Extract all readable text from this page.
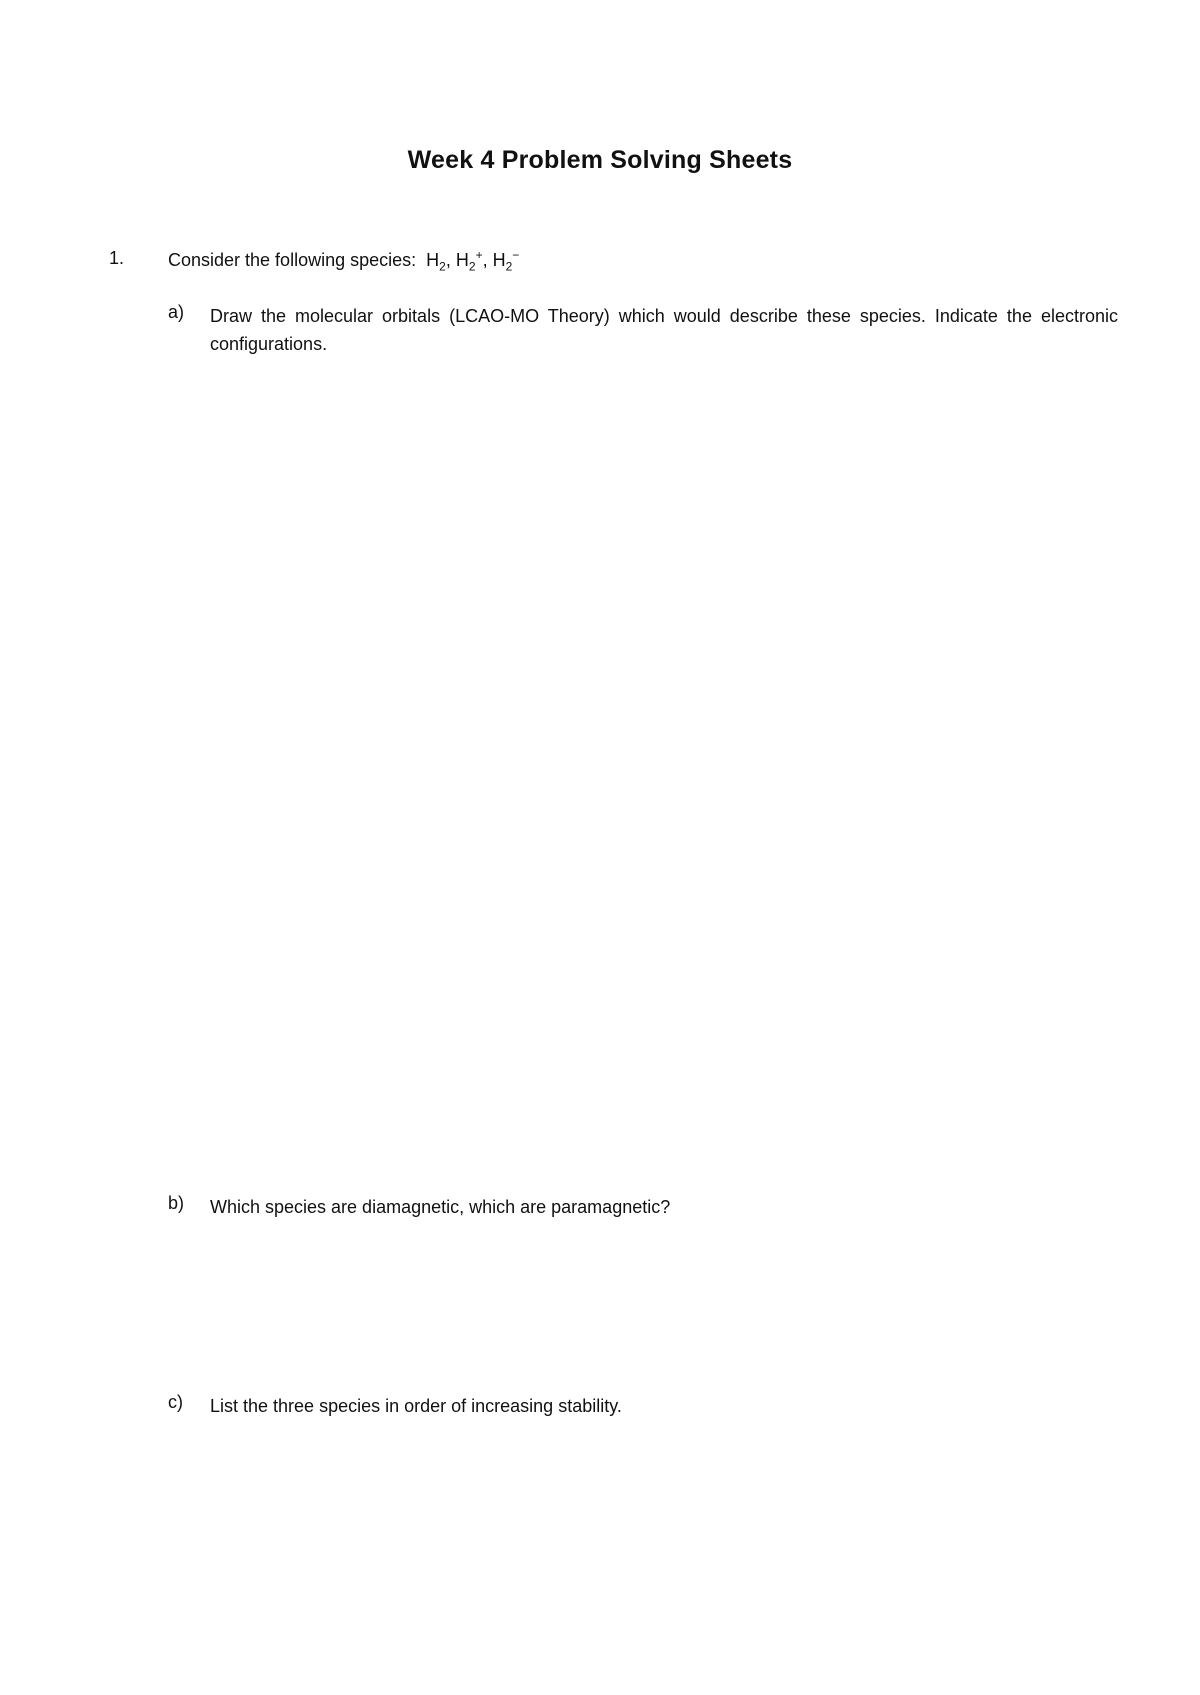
Week 4 Problem Solving Sheets
1. Consider the following species: $H_2$, $H_2^+$, $H_2^-$
a) Draw the molecular orbitals (LCAO-MO Theory) which would describe these species. Indicate the electronic configurations.
b) Which species are diamagnetic, which are paramagnetic?
c) List the three species in order of increasing stability.
